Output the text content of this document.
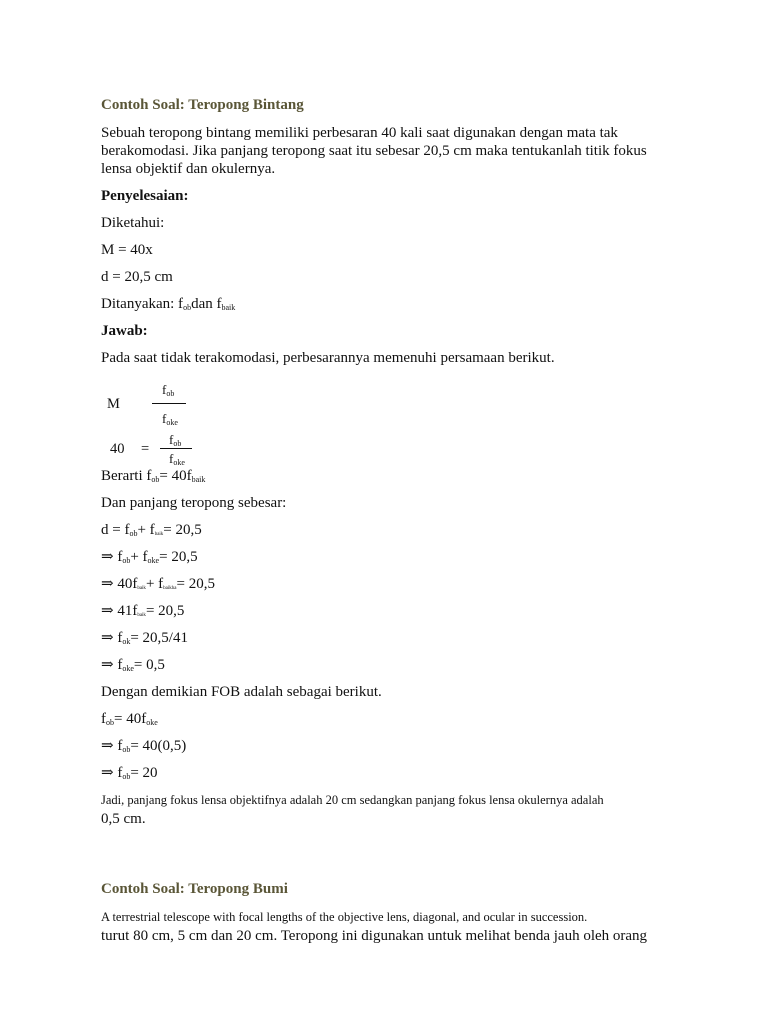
Contoh Soal: Teropong Bintang
Sebuah teropong bintang memiliki perbesaran 40 kali saat digunakan dengan mata tak
berakomodasi. Jika panjang teropong saat itu sebesar 20,5 cm maka tentukanlah titik fokus
lensa objektif dan okulernya.
Penyelesaian:
Diketahui:
M = 40x
d = 20,5 cm
Ditanyakan: $f_{ob}dan$ $f_{baik}$
Jawab:
Pada saat tidak terakomodasi, perbesarannya memenuhi persamaan berikut.
M
$f_{ob}$
$f_{oke}$
40 =
$f_{ob}$
$f_{oke}$
Berarti $f_{ob}= 40f_{baik}$
Dan panjang teropong sebesar:
$d = f_{ob}+ f_{baik}= 20,5$
⇒ $f_{ob}+ f_{oke}= 20,5$
⇒ $40f_{baik}+ f_{baikha}= 20,5$
⇒ $41f_{baik}= 20,5$
⇒ $f_{ok}= 20,5/41$
⇒ $f_{oke}= 0,5$
Dengan demikian FOB adalah sebagai berikut.
$f_{ob}= 40f_{oke}$
⇒ $f_{ob}= 40(0,5)$
⇒ $f_{ob}= 20$
Jadi, panjang fokus lensa objektifnya adalah 20 cm sedangkan panjang fokus lensa okulernya adalah
0,5 cm.
Contoh Soal: Teropong Bumi
A terrestrial telescope with focal lengths of the objective lens, diagonal, and ocular in succession.
turut 80 cm, 5 cm dan 20 cm. Teropong ini digunakan untuk melihat benda jauh oleh orang
